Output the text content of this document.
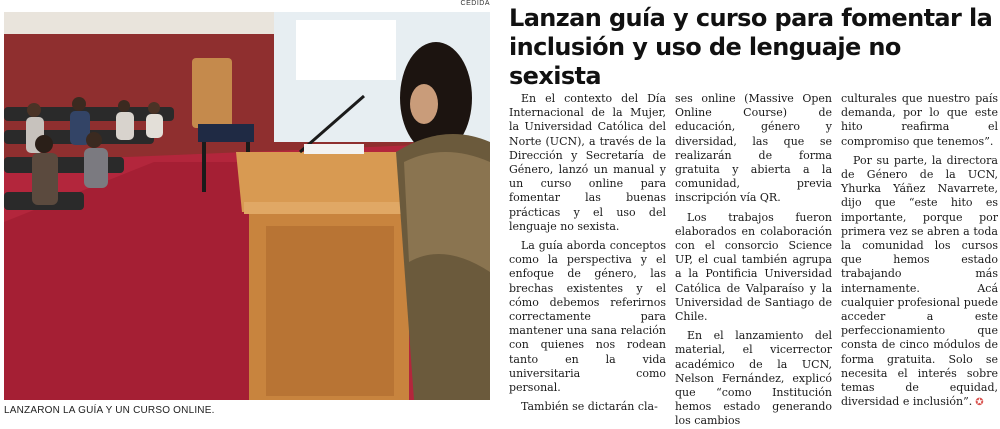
CEDIDA
LANZARON LA GUÍA Y UN CURSO ONLINE.
Lanzan guía y curso para fomentar la inclusión y uso de lenguaje no sexista

En el contexto del Día Internacional de la Mujer, la Universidad Católica del Norte (UCN), a través de la Dirección y Secretaría de Género, lanzó un manual y un curso online para fomentar las buenas prácticas y el uso del lenguaje no sexista.

La guía aborda conceptos como la perspectiva y el enfoque de género, las brechas existentes y el cómo debemos referirnos correctamente para mantener una sana relación con quienes nos rodean tanto en la vida universitaria como personal.

También se dictarán cla-

ses online (Massive Open Online Course) de educación, género y diversidad, las que se realizarán de forma gratuita y abierta a la comunidad, previa inscripción vía QR.

Los trabajos fueron elaborados en colaboración con el consorcio Science UP, el cual también agrupa a la Pontificia Universidad Católica de Valparaíso y la Universidad de Santiago de Chile.

En el lanzamiento del material, el vicerrector académico de la UCN, Nelson Fernández, explicó que “como Institución hemos estado generando los cambios

culturales que nuestro país demanda, por lo que este hito reafirma el compromiso que tenemos”.

Por su parte, la directora de Género de la UCN, Yhurka Yáñez Navarrete, dijo que “este hito es importante, porque por primera vez se abren a toda la comunidad los cursos que hemos estado trabajando más internamente. Acá cualquier profesional puede acceder a este perfeccionamiento que consta de cinco módulos de forma gratuita. Solo se necesita el interés sobre temas de equidad, diversidad e inclusión”. ✪
